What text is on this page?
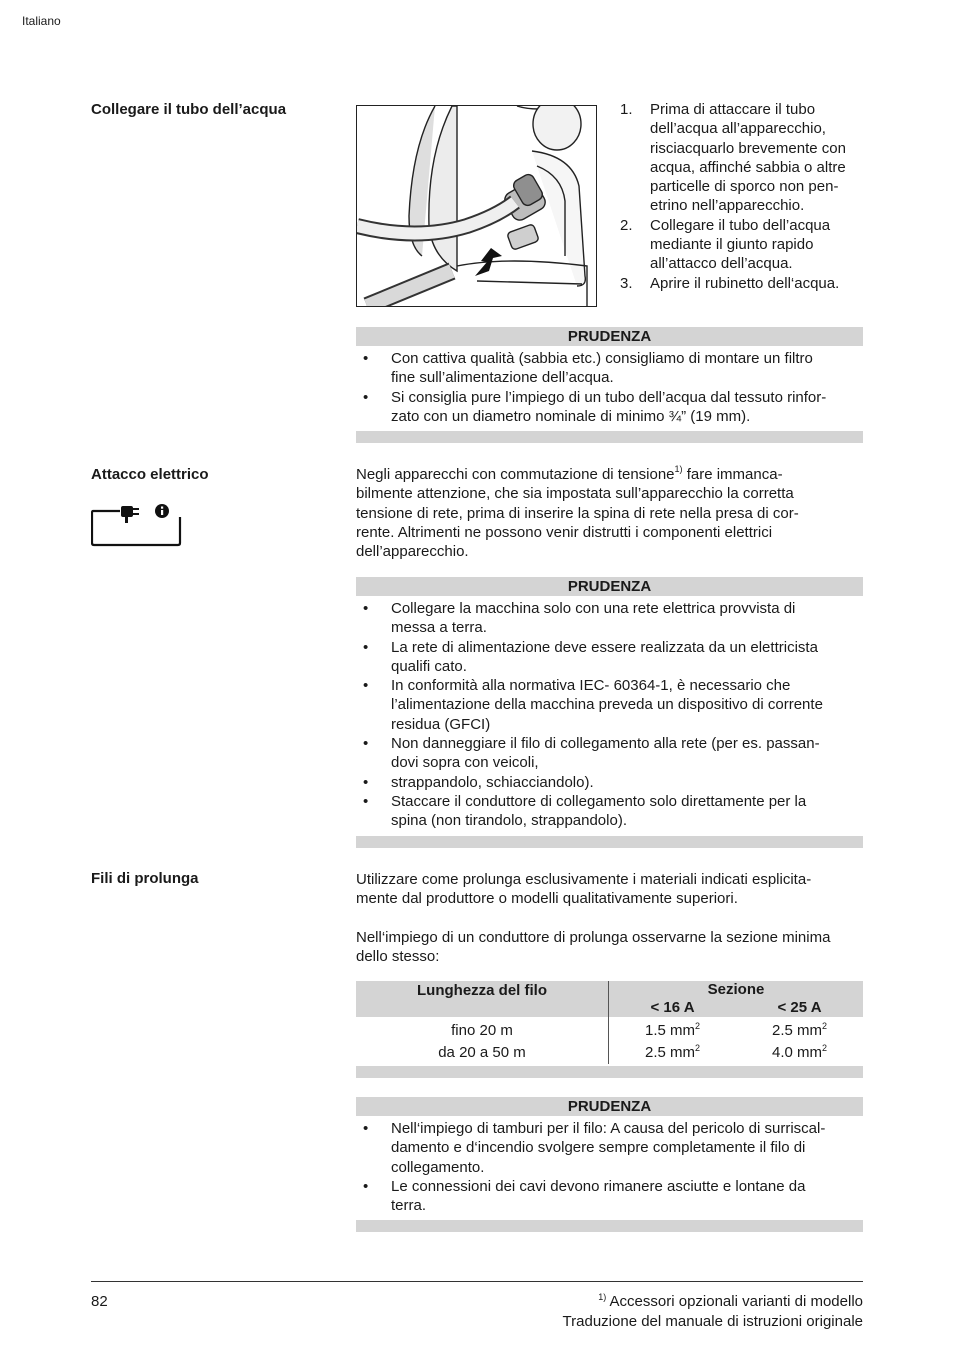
Italiano
Collegare il tubo dell’acqua	1. Prima di attaccare il tubo
dell’acqua all’apparecchio,
risciacquarlo brevemente con
acqua, affinché sabbia o altre
particelle di sporco non pen-
etrino nell’apparecchio.
2. Collegare il tubo dell’acqua
mediante il giunto rapido
all’attacco dell’acqua.
3. Aprire il rubinetto dell‘acqua.
PRUDENZA
• Con cattiva qualità (sabbia etc.) consigliamo di montare un filtro
fine sull’alimentazione dell’acqua.
• Si consiglia pure l’impiego di un tubo dell’acqua dal tessuto rinfor-
zato con un diametro nominale di minimo ¾” (19 mm).
Attacco elettrico	Negli apparecchi con commutazione di tensione$^{1)}$ fare immanca-
bilmente attenzione, che sia impostata sull’apparecchio la corretta
tensione di rete, prima di inserire la spina di rete nella presa di cor-
rente. Altrimenti ne possono venir distrutti i componenti elettrici
dell’apparecchio.
PRUDENZA
• Collegare la macchina solo con una rete elettrica provvista di
messa a terra.
• La rete di alimentazione deve essere realizzata da un elettricista
qualifi cato.
• In conformità alla normativa IEC- 60364-1, è necessario che
l’alimentazione della macchina preveda un dispositivo di corrente
residua (GFCI)
• Non danneggiare il filo di collegamento alla rete (per es. passan-
dovi sopra con veicoli,
• strappandolo, schiacciandolo).
• Staccare il conduttore di collegamento solo direttamente per la
spina (non tirandolo, strappandolo).
Fili di prolunga	Utilizzare come prolunga esclusivamente i materiali indicati esplicita-
mente dal produttore o modelli qualitativamente superiori.
Nell‘impiego di un conduttore di prolunga osservarne la sezione minima
dello stesso:
Lunghezza del filo	Sezione	
	< 16 A	< 25 A
fino 20 m	1.5 $mm^2$	2.5 $mm^2$
da 20 a 50 m	2.5 $mm^2$	4.0 $mm^2$
PRUDENZA
• Nell‘impiego di tamburi per il filo: A causa del pericolo di surriscal-
damento e d‘incendio svolgere sempre completamente il filo di
collegamento.
• Le connessioni dei cavi devono rimanere asciutte e lontane da
terra.
82	$^{1)}$ Accessori opzionali varianti di modello
Traduzione del manuale di istruzioni originale
